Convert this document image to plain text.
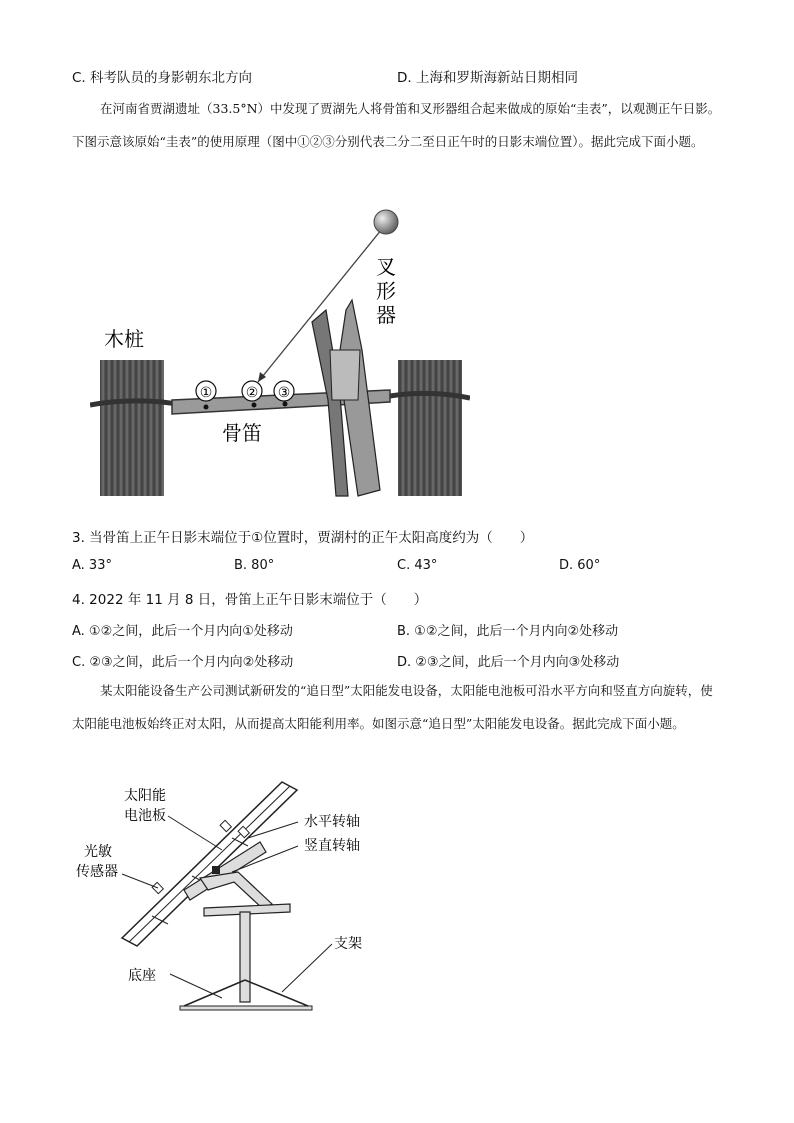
C. 科考队员的身影朝东北方向	D. 上海和罗斯海新站日期相同
在河南省贾湖遗址（33.5°N）中发现了贾湖先人将骨笛和叉形器组合起来做成的原始“圭表”，以观测正午日影。下图示意该原始“圭表”的使用原理（图中①②③分别代表二分二至日正午时的日影末端位置）。据此完成下面小题。
① ② ③
木桩
骨笛
叉
形
器
3. 当骨笛上正午日影末端位于①位置时，贾湖村的正午太阳高度约为（　　）
A. 33°	B. 80°	C. 43°	D. 60°
4. 2022 年 11 月 8 日，骨笛上正午日影末端位于（　　）
A. ①②之间，此后一个月内向①处移动	B. ①②之间，此后一个月内向②处移动
C. ②③之间，此后一个月内向②处移动	D. ②③之间，此后一个月内向③处移动
某太阳能设备生产公司测试新研发的“追日型”太阳能发电设备，太阳能电池板可沿水平方向和竖直方向旋转，使太阳能电池板始终正对太阳，从而提高太阳能利用率。如图示意“追日型”太阳能发电设备。据此完成下面小题。
太阳能
电池板
光敏
传感器
水平转轴
竖直转轴
支架
底座
